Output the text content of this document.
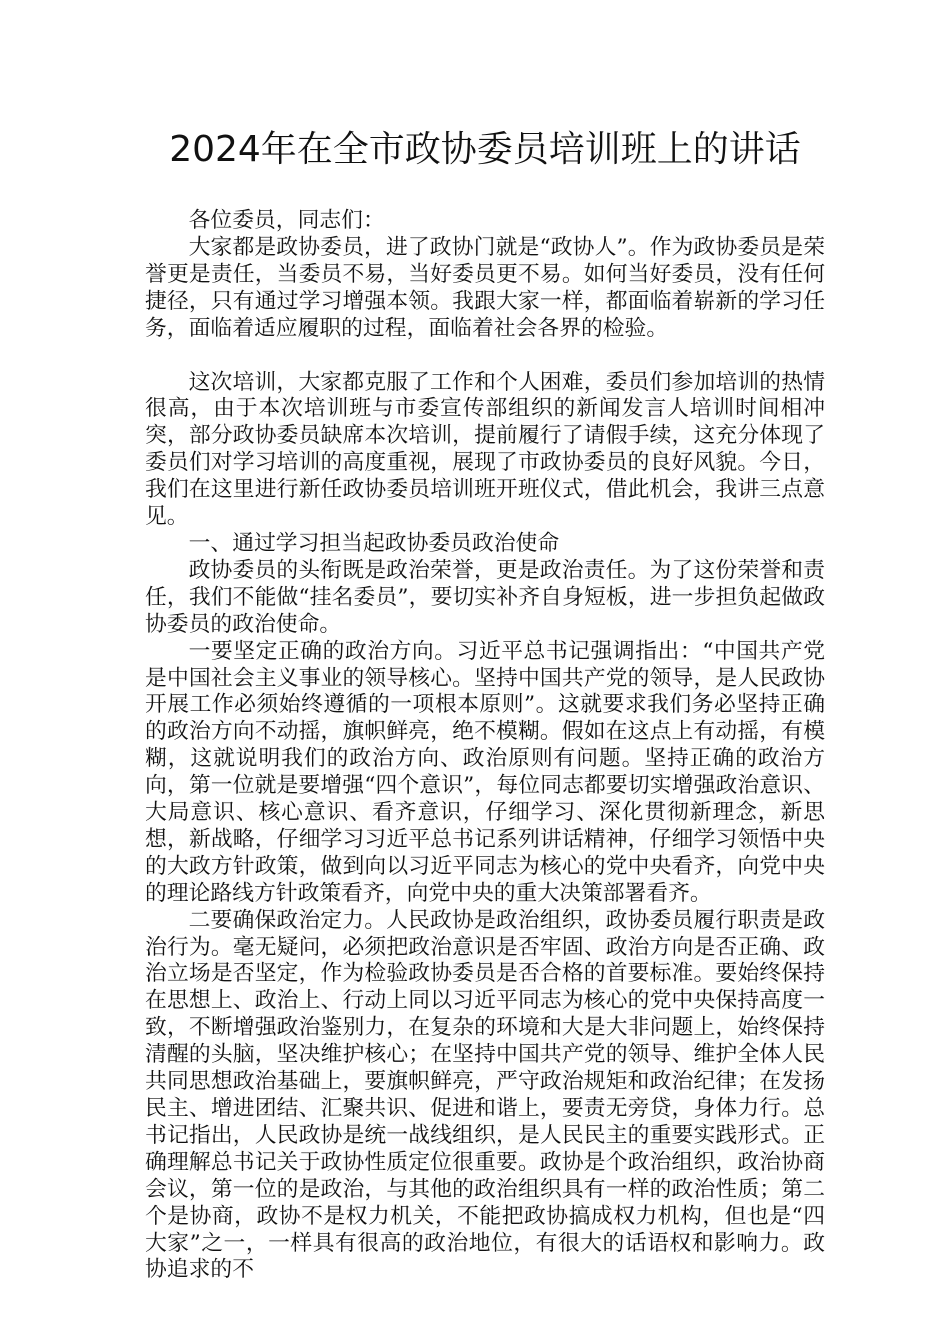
2024年在全市政协委员培训班上的讲话

各位委员，同志们：

大家都是政协委员，进了政协门就是“政协人”。作为政协委员是荣誉更是责任，当委员不易，当好委员更不易。如何当好委员，没有任何捷径，只有通过学习增强本领。我跟大家一样，都面临着崭新的学习任务，面临着适应履职的过程，面临着社会各界的检验。

这次培训，大家都克服了工作和个人困难，委员们参加培训的热情很高，由于本次培训班与市委宣传部组织的新闻发言人培训时间相冲突，部分政协委员缺席本次培训，提前履行了请假手续，这充分体现了委员们对学习培训的高度重视，展现了市政协委员的良好风貌。今日，我们在这里进行新任政协委员培训班开班仪式，借此机会，我讲三点意见。

一、通过学习担当起政协委员政治使命

政协委员的头衔既是政治荣誉，更是政治责任。为了这份荣誉和责任，我们不能做“挂名委员”，要切实补齐自身短板，进一步担负起做政协委员的政治使命。

一要坚定正确的政治方向。习近平总书记强调指出：“中国共产党是中国社会主义事业的领导核心。坚持中国共产党的领导，是人民政协开展工作必须始终遵循的一项根本原则”。这就要求我们务必坚持正确的政治方向不动摇，旗帜鲜亮，绝不模糊。假如在这点上有动摇，有模糊，这就说明我们的政治方向、政治原则有问题。坚持正确的政治方向，第一位就是要增强“四个意识”，每位同志都要切实增强政治意识、大局意识、核心意识、看齐意识，仔细学习、深化贯彻新理念，新思想，新战略，仔细学习习近平总书记系列讲话精神，仔细学习领悟中央的大政方针政策，做到向以习近平同志为核心的党中央看齐，向党中央的理论路线方针政策看齐，向党中央的重大决策部署看齐。

二要确保政治定力。人民政协是政治组织，政协委员履行职责是政治行为。毫无疑问，必须把政治意识是否牢固、政治方向是否正确、政治立场是否坚定，作为检验政协委员是否合格的首要标准。要始终保持在思想上、政治上、行动上同以习近平同志为核心的党中央保持高度一致，不断增强政治鉴别力，在复杂的环境和大是大非问题上，始终保持清醒的头脑，坚决维护核心；在坚持中国共产党的领导、维护全体人民共同思想政治基础上，要旗帜鲜亮，严守政治规矩和政治纪律；在发扬民主、增进团结、汇聚共识、促进和谐上，要责无旁贷，身体力行。总书记指出，人民政协是统一战线组织，是人民民主的重要实践形式。正确理解总书记关于政协性质定位很重要。政协是个政治组织，政治协商会议，第一位的是政治，与其他的政治组织具有一样的政治性质；第二个是协商，政协不是权力机关，不能把政协搞成权力机构，但也是“四大家”之一，一样具有很高的政治地位，有很大的话语权和影响力。政协追求的不
